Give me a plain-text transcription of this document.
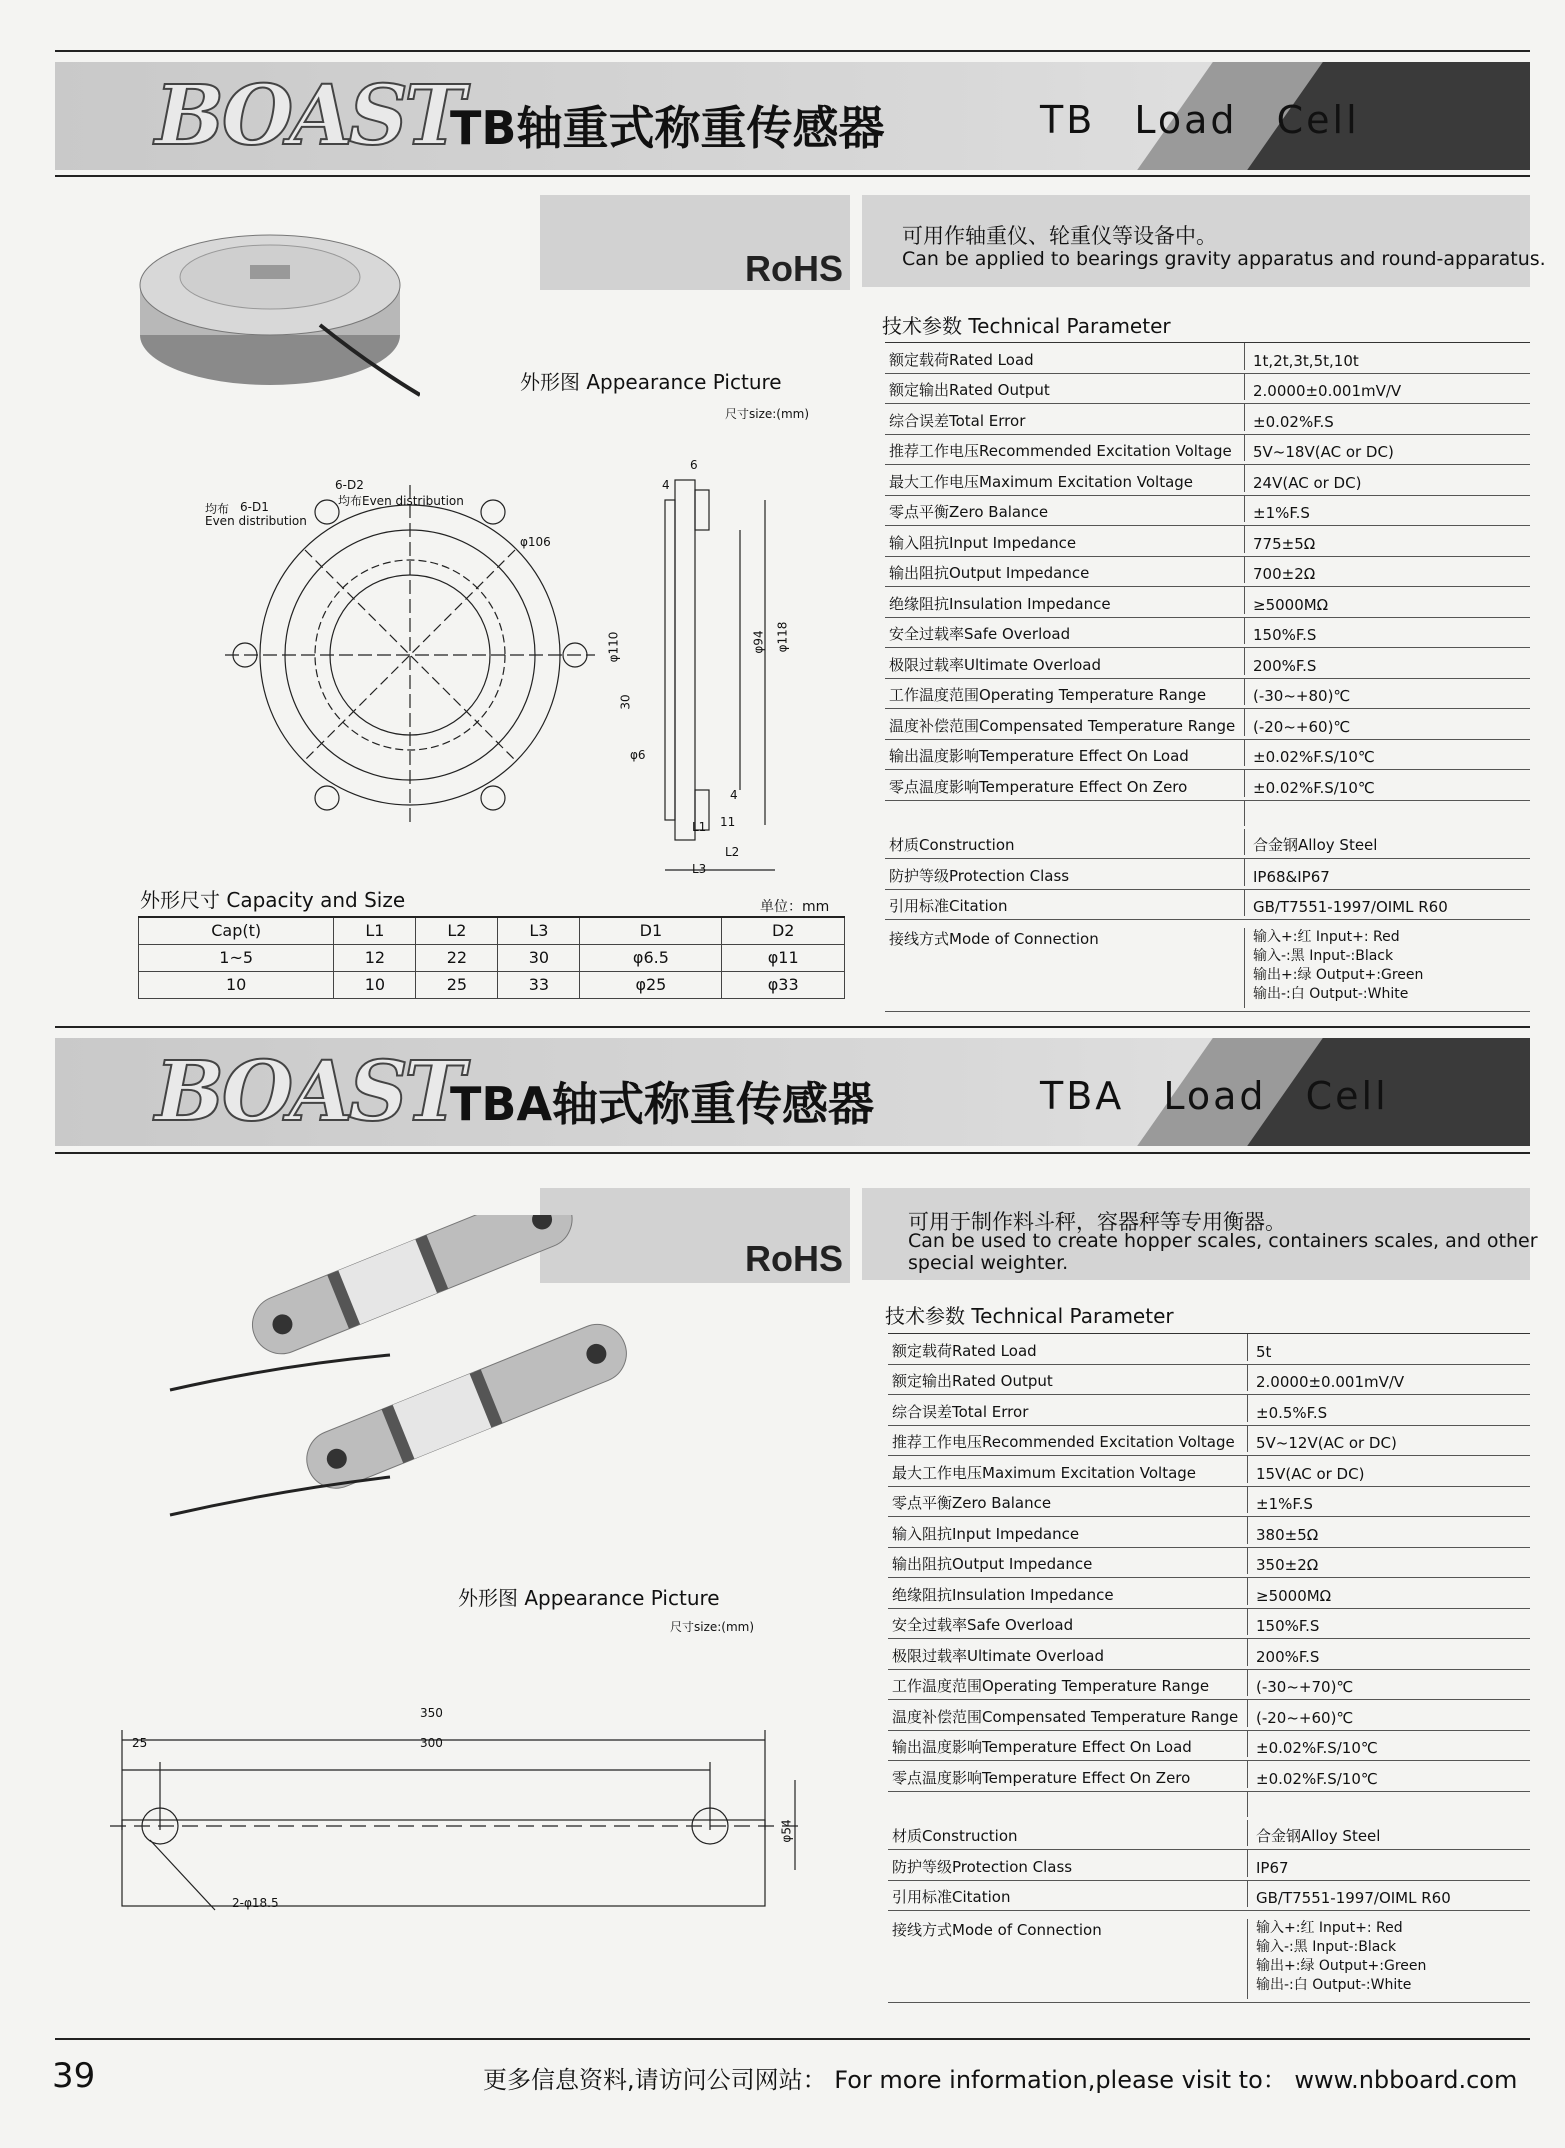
BOAST
TB轴重式称重传感器	TB Load Cell
RoHS
外形图 Appearance Picture
尺寸size:(mm)
均布 6-D1
Even distribution
6-D2
均布Even distribution
φ106
φ110	φ94 φ118
30
φ6
6
4
4
11
L1
L2
L3
外形尺寸 Capacity and Size	单位：mm
Cap(t)	L1	L2	L3	D1	D2
1~5	12	22	30	φ6.5	φ11
10	10	25	33	φ25	φ33
可用作轴重仪、轮重仪等设备中。
Can be applied to bearings gravity apparatus and round-apparatus.
技术参数 Technical Parameter
额定载荷Rated Load	1t,2t,3t,5t,10t
额定输出Rated Output	2.0000±0.001mV/V
综合误差Total Error	±0.02%F.S
推荐工作电压Recommended Excitation Voltage	5V~18V(AC or DC)
最大工作电压Maximum Excitation Voltage	24V(AC or DC)
零点平衡Zero Balance	±1%F.S
输入阻抗Input Impedance	775±5Ω
输出阻抗Output Impedance	700±2Ω
绝缘阻抗Insulation Impedance	≥5000MΩ
安全过载率Safe Overload	150%F.S
极限过载率Ultimate Overload	200%F.S
工作温度范围Operating Temperature Range	(-30~+80)℃
温度补偿范围Compensated Temperature Range	(-20~+60)℃
输出温度影响Temperature Effect On Load	±0.02%F.S/10℃
零点温度影响Temperature Effect On Zero	±0.02%F.S/10℃
材质Construction	合金钢Alloy Steel
防护等级Protection Class	IP68&IP67
引用标准Citation	GB/T7551-1997/OIML R60
接线方式Mode of Connection	输入+:红 Input+: Red
输入-:黑 Input-:Black
输出+:绿 Output+:Green
输出-:白 Output-:White
BOAST
TBA轴式称重传感器	TBA Load Cell
RoHS
外形图 Appearance Picture
尺寸size:(mm)
350
300
25
φ54
2-φ18.5
可用于制作料斗秤，容器秤等专用衡器。
Can be used to create hopper scales, containers scales, and other
special weighter.
技术参数 Technical Parameter
额定载荷Rated Load	5t
额定输出Rated Output	2.0000±0.001mV/V
综合误差Total Error	±0.5%F.S
推荐工作电压Recommended Excitation Voltage	5V~12V(AC or DC)
最大工作电压Maximum Excitation Voltage	15V(AC or DC)
零点平衡Zero Balance	±1%F.S
输入阻抗Input Impedance	380±5Ω
输出阻抗Output Impedance	350±2Ω
绝缘阻抗Insulation Impedance	≥5000MΩ
安全过载率Safe Overload	150%F.S
极限过载率Ultimate Overload	200%F.S
工作温度范围Operating Temperature Range	(-30~+70)℃
温度补偿范围Compensated Temperature Range	(-20~+60)℃
输出温度影响Temperature Effect On Load	±0.02%F.S/10℃
零点温度影响Temperature Effect On Zero	±0.02%F.S/10℃
材质Construction	合金钢Alloy Steel
防护等级Protection Class	IP67
引用标准Citation	GB/T7551-1997/OIML R60
接线方式Mode of Connection	输入+:红 Input+: Red
输入-:黑 Input-:Black
输出+:绿 Output+:Green
输出-:白 Output-:White
39	更多信息资料,请访问公司网站： For more information,please visit to： www.nbboard.com
